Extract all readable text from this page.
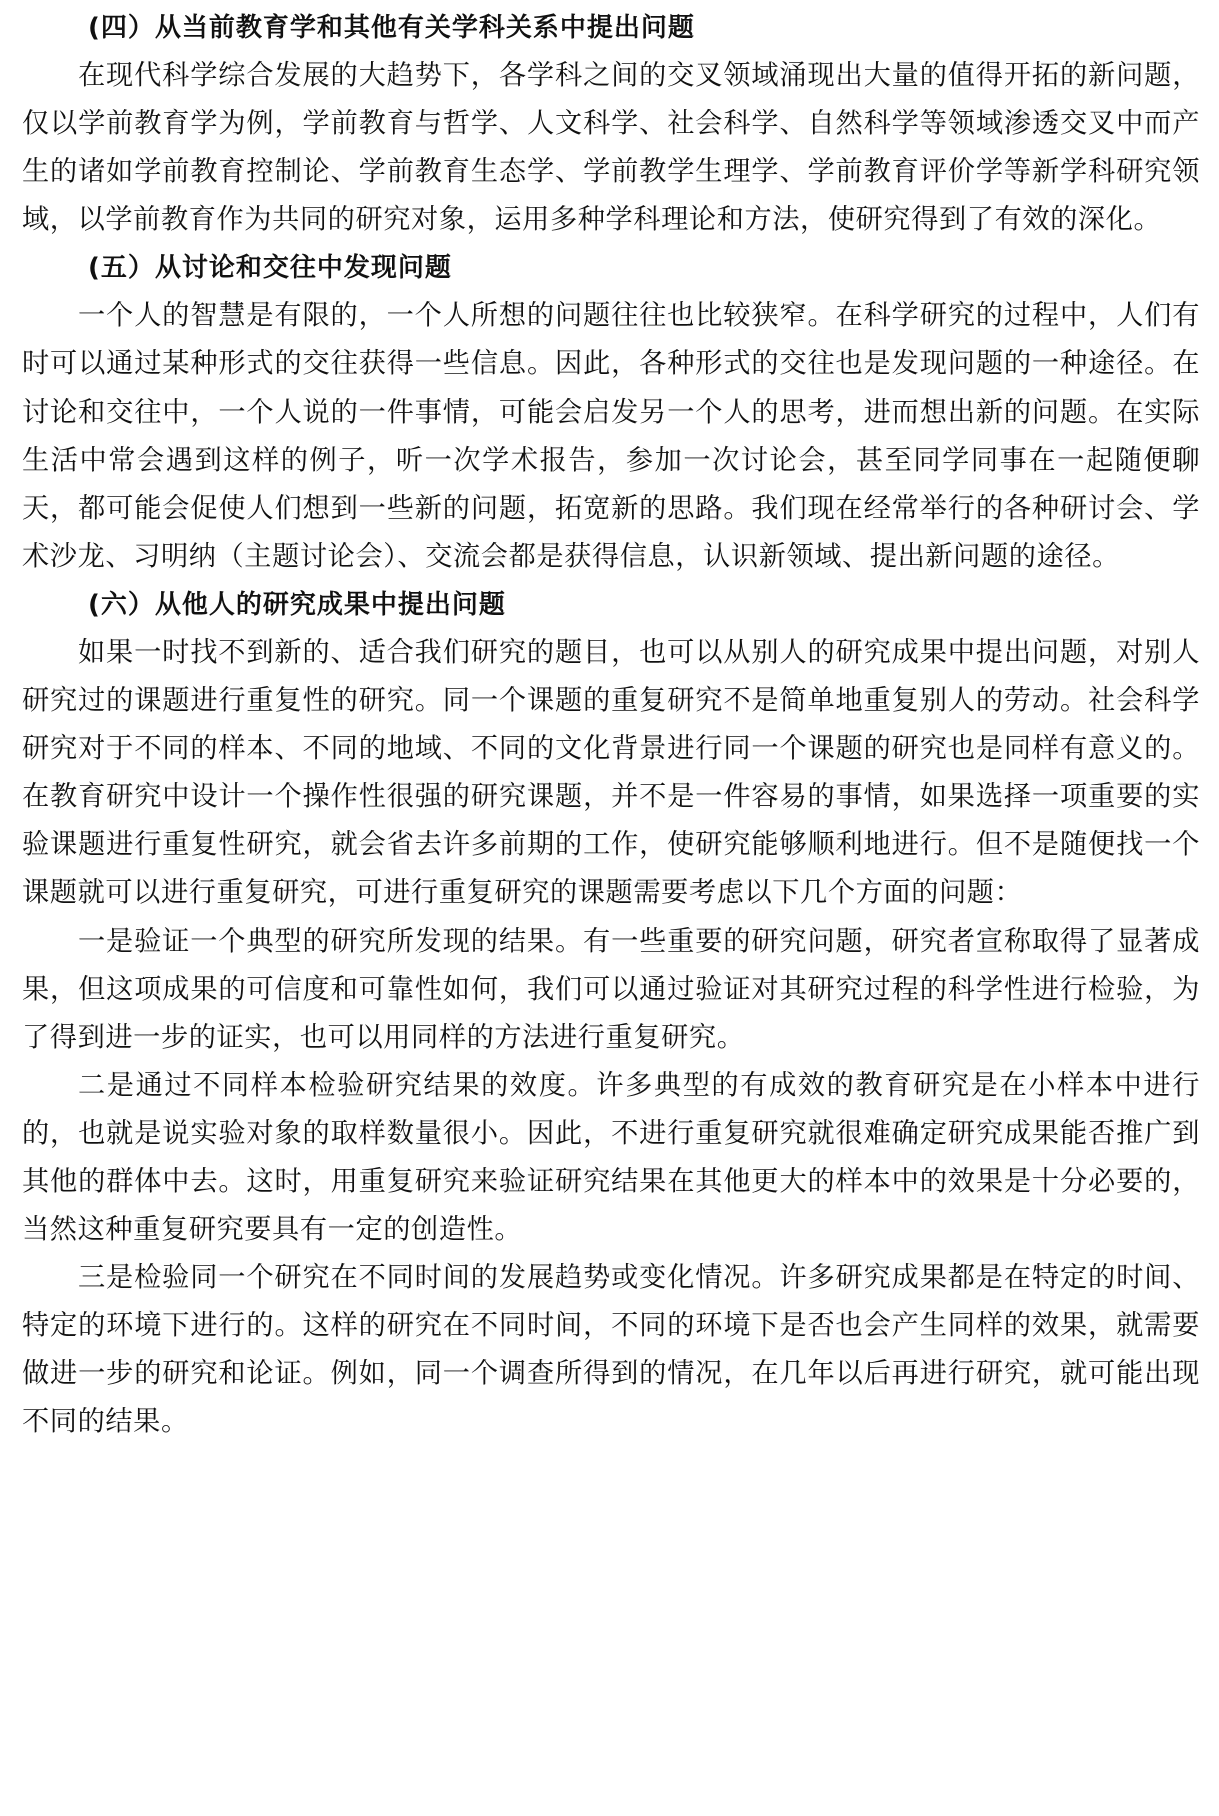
(四）从当前教育学和其他有关学科关系中提出问题

在现代科学综合发展的大趋势下，各学科之间的交叉领域涌现出大量的值得开拓的新问题，仅以学前教育学为例，学前教育与哲学、人文科学、社会科学、自然科学等领域渗透交叉中而产生的诸如学前教育控制论、学前教育生态学、学前教学生理学、学前教育评价学等新学科研究领域，以学前教育作为共同的研究对象，运用多种学科理论和方法，使研究得到了有效的深化。

(五）从讨论和交往中发现问题

一个人的智慧是有限的，一个人所想的问题往往也比较狭窄。在科学研究的过程中，人们有时可以通过某种形式的交往获得一些信息。因此，各种形式的交往也是发现问题的一种途径。在讨论和交往中，一个人说的一件事情，可能会启发另一个人的思考，进而想出新的问题。在实际生活中常会遇到这样的例子，听一次学术报告，参加一次讨论会，甚至同学同事在一起随便聊天，都可能会促使人们想到一些新的问题，拓宽新的思路。我们现在经常举行的各种研讨会、学术沙龙、习明纳（主题讨论会）、交流会都是获得信息，认识新领域、提出新问题的途径。

(六）从他人的研究成果中提出问题

如果一时找不到新的、适合我们研究的题目，也可以从别人的研究成果中提出问题，对别人研究过的课题进行重复性的研究。同一个课题的重复研究不是简单地重复别人的劳动。社会科学研究对于不同的样本、不同的地域、不同的文化背景进行同一个课题的研究也是同样有意义的。在教育研究中设计一个操作性很强的研究课题，并不是一件容易的事情，如果选择一项重要的实验课题进行重复性研究，就会省去许多前期的工作，使研究能够顺利地进行。但不是随便找一个课题就可以进行重复研究，可进行重复研究的课题需要考虑以下几个方面的问题：

一是验证一个典型的研究所发现的结果。有一些重要的研究问题，研究者宣称取得了显著成果，但这项成果的可信度和可靠性如何，我们可以通过验证对其研究过程的科学性进行检验，为了得到进一步的证实，也可以用同样的方法进行重复研究。

二是通过不同样本检验研究结果的效度。许多典型的有成效的教育研究是在小样本中进行的，也就是说实验对象的取样数量很小。因此，不进行重复研究就很难确定研究成果能否推广到其他的群体中去。这时，用重复研究来验证研究结果在其他更大的样本中的效果是十分必要的，当然这种重复研究要具有一定的创造性。

三是检验同一个研究在不同时间的发展趋势或变化情况。许多研究成果都是在特定的时间、特定的环境下进行的。这样的研究在不同时间，不同的环境下是否也会产生同样的效果，就需要做进一步的研究和论证。例如，同一个调查所得到的情况，在几年以后再进行研究，就可能出现不同的结果。
